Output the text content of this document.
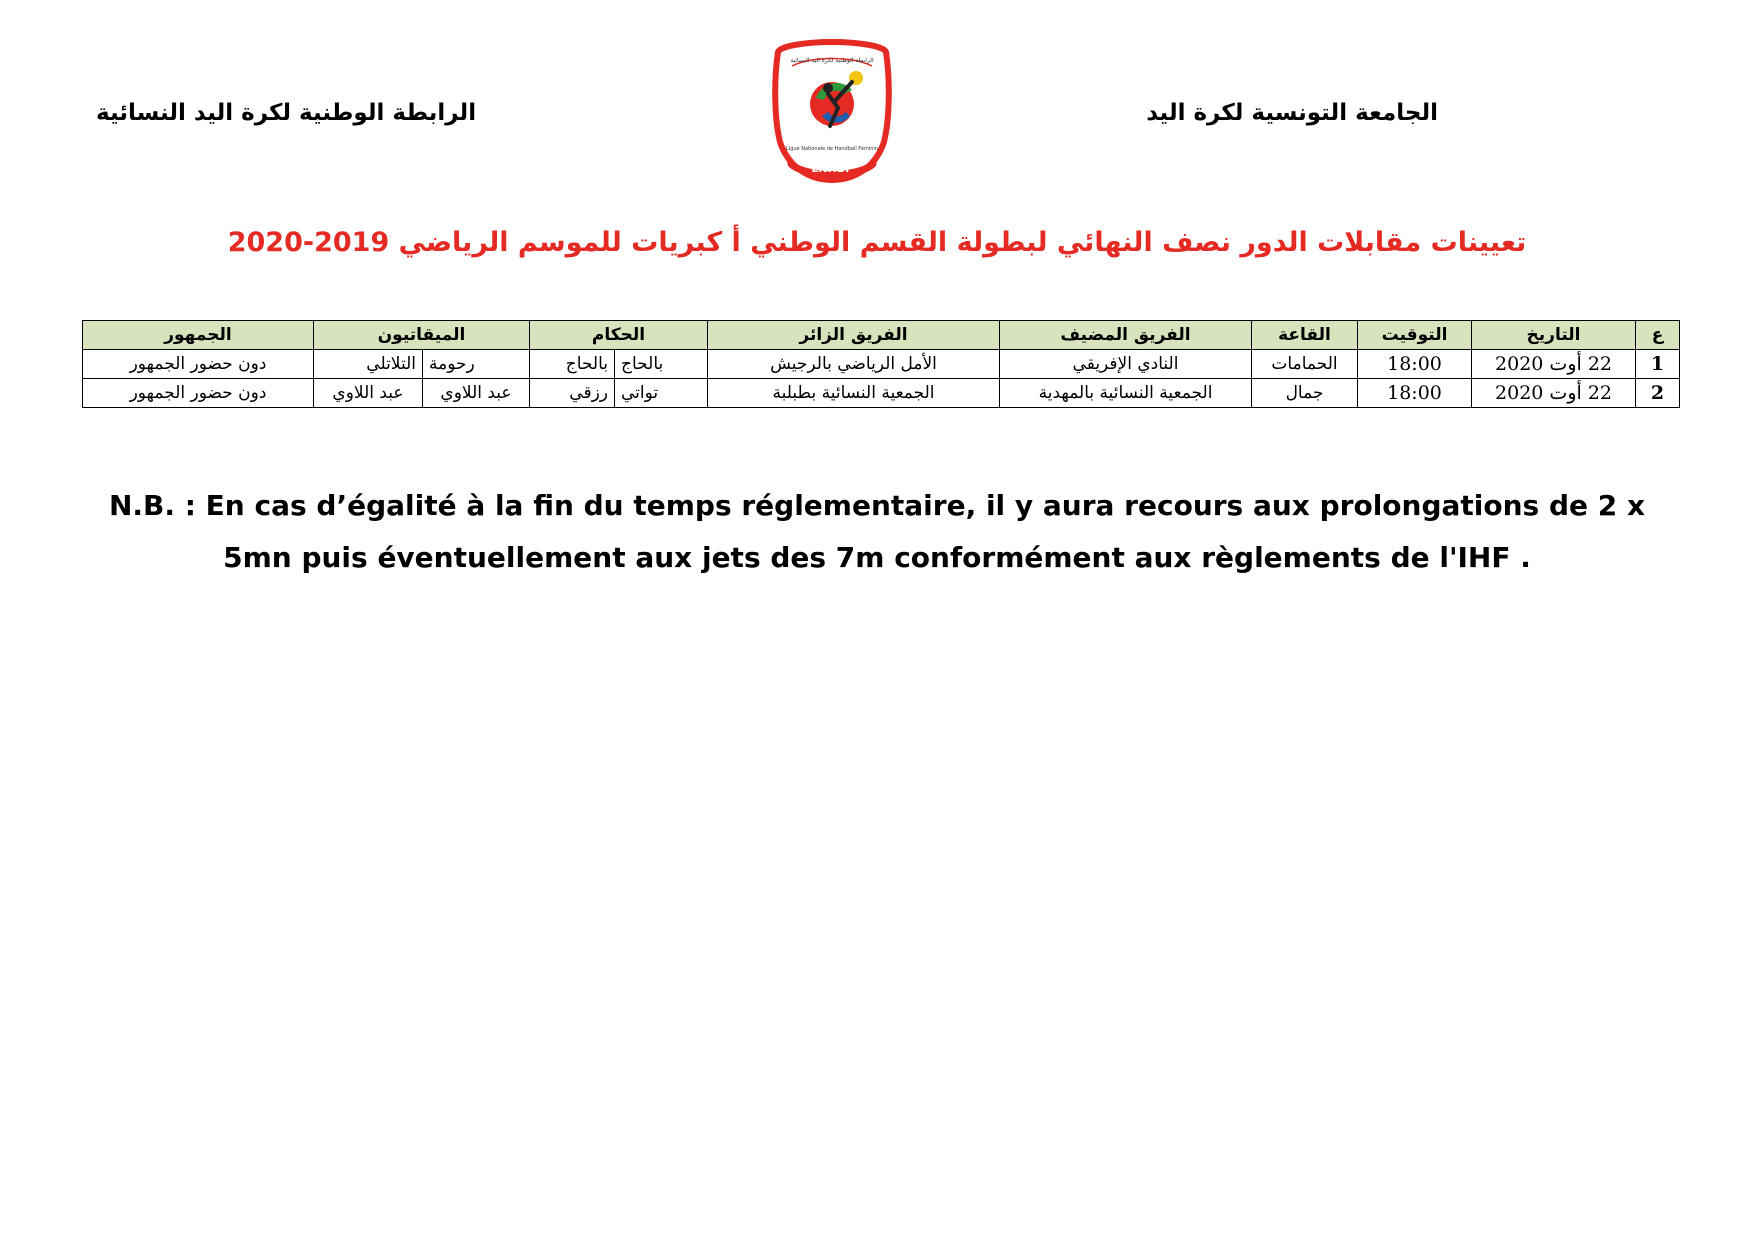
الجامعة التونسية لكرة اليد
الرابطة الوطنية لكرة اليد النسائية
الرابطة الوطنية لكرة اليد النسائية
Ligue Nationale de Handball Féminin
LNHBF
تعيينات مقابلات الدور نصف النهائي لبطولة القسم الوطني أ كبريات للموسم الرياضي 2019-2020
ع	التاريخ	التوقيت	القاعة	الفريق المضيف	الفريق الزائر	الحكام		الميقاتيون		الجمهور
1	22 أوت 2020	18:00	الحمامات	النادي الإفريقي	الأمل الرياضي بالرجيش	بالحاج	بالحاج	رحومة	التلاتلي	دون حضور الجمهور
2	22 أوت 2020	18:00	جمال	الجمعية النسائية بالمهدية	الجمعية النسائية بطبلبة	تواتي	رزقي	عبد اللاوي	عبد اللاوي	دون حضور الجمهور
N.B. : En cas d’égalité à la fin du temps réglementaire, il y aura recours aux prolongations de 2 x
5mn puis éventuellement aux jets des 7m conformément aux règlements de l'IHF .
